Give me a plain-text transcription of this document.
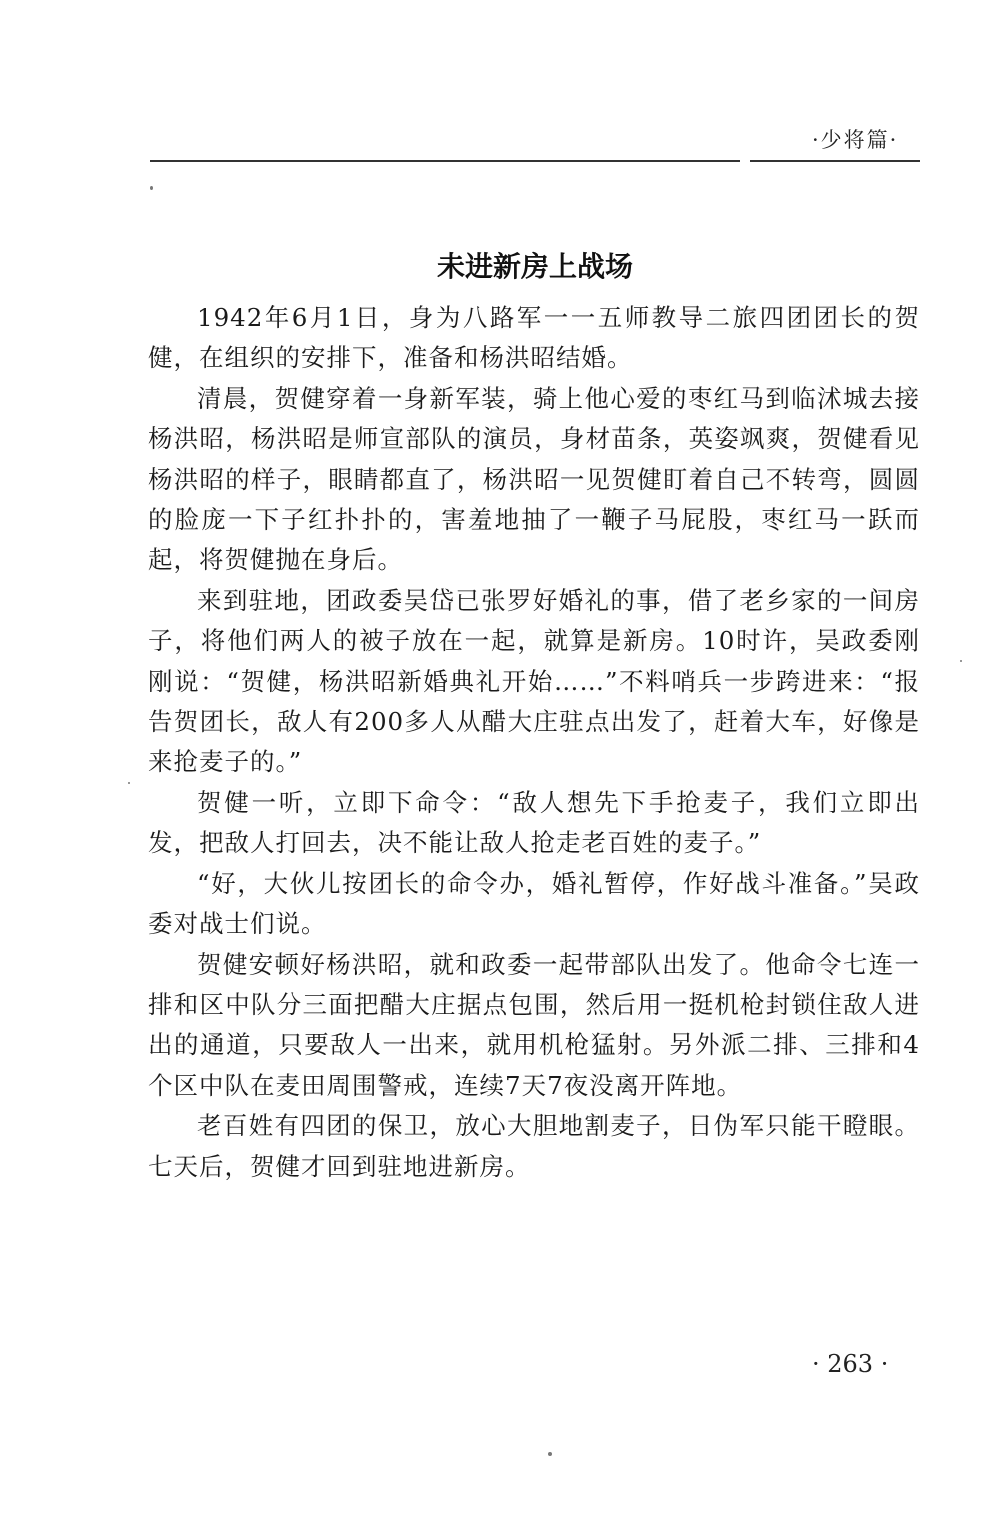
·少将篇·
未进新房上战场

1942年6月1日，身为八路军一一五师教导二旅四团团长的贺健，在组织的安排下，准备和杨洪昭结婚。

清晨，贺健穿着一身新军装，骑上他心爱的枣红马到临沭城去接杨洪昭，杨洪昭是师宣部队的演员，身材苗条，英姿飒爽，贺健看见杨洪昭的样子，眼睛都直了，杨洪昭一见贺健盯着自己不转弯，圆圆的脸庞一下子红扑扑的，害羞地抽了一鞭子马屁股，枣红马一跃而起，将贺健抛在身后。

来到驻地，团政委吴岱已张罗好婚礼的事，借了老乡家的一间房子，将他们两人的被子放在一起，就算是新房。10时许，吴政委刚刚说：“贺健，杨洪昭新婚典礼开始……”不料哨兵一步跨进来：“报告贺团长，敌人有200多人从醋大庄驻点出发了，赶着大车，好像是来抢麦子的。”

贺健一听，立即下命令：“敌人想先下手抢麦子，我们立即出发，把敌人打回去，决不能让敌人抢走老百姓的麦子。”

“好，大伙儿按团长的命令办，婚礼暂停，作好战斗准备。”吴政委对战士们说。

贺健安顿好杨洪昭，就和政委一起带部队出发了。他命令七连一排和区中队分三面把醋大庄据点包围，然后用一挺机枪封锁住敌人进出的通道，只要敌人一出来，就用机枪猛射。另外派二排、三排和4个区中队在麦田周围警戒，连续7天7夜没离开阵地。

老百姓有四团的保卫，放心大胆地割麦子，日伪军只能干瞪眼。七天后，贺健才回到驻地进新房。

· 263 ·
